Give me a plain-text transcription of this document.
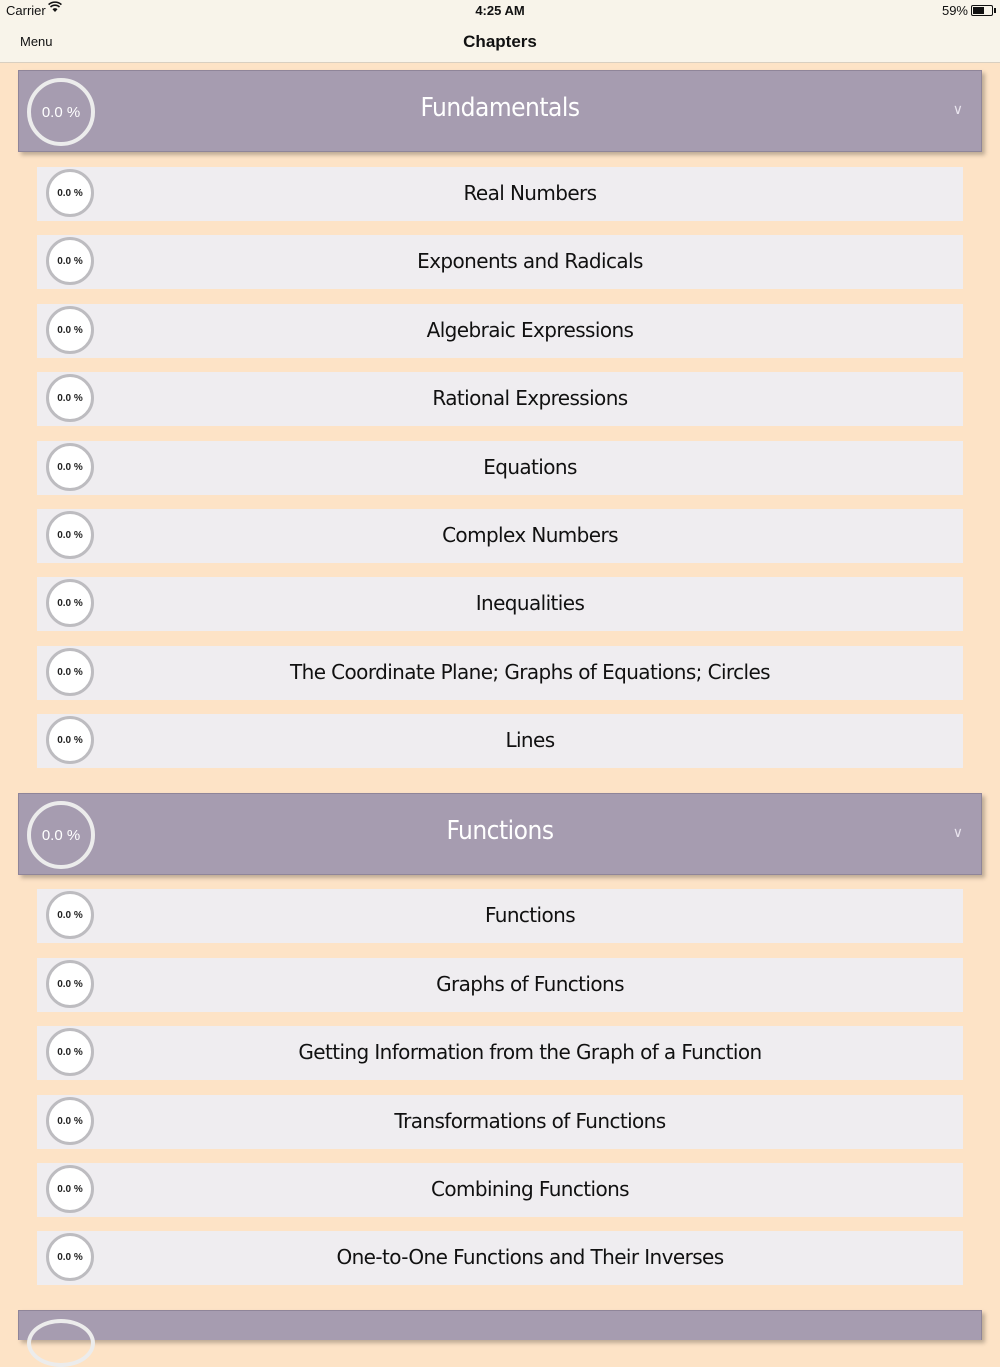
Carrier	4:25 AM	59%
Menu	Chapters
0.0 %	Fundamentals	∨
0.0 %	Real Numbers
0.0 %	Exponents and Radicals
0.0 %	Algebraic Expressions
0.0 %	Rational Expressions
0.0 %	Equations
0.0 %	Complex Numbers
0.0 %	Inequalities
0.0 %	The Coordinate Plane; Graphs of Equations; Circles
0.0 %	Lines
0.0 %	Functions	∨
0.0 %	Functions
0.0 %	Graphs of Functions
0.0 %	Getting Information from the Graph of a Function
0.0 %	Transformations of Functions
0.0 %	Combining Functions
0.0 %	One-to-One Functions and Their Inverses
